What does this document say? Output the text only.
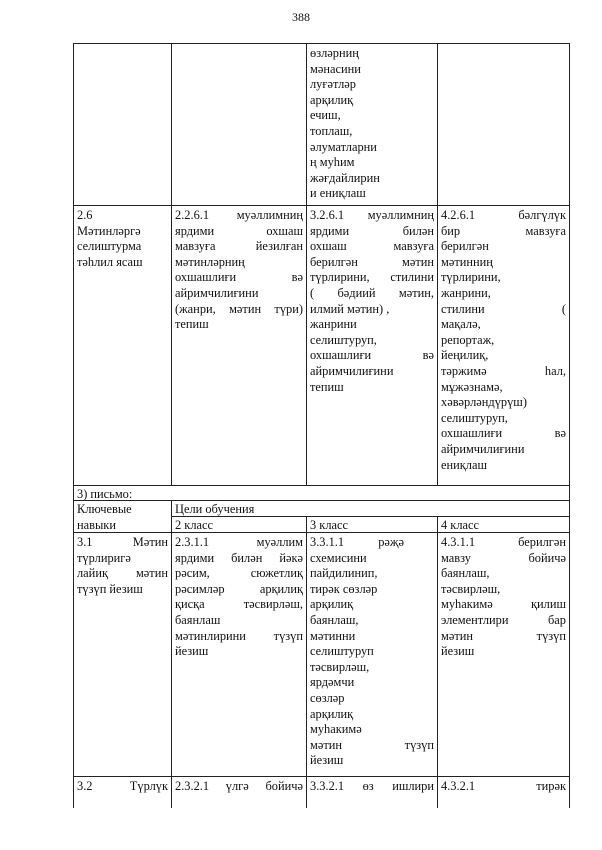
388
өзләрниң
мәнасини
луғәтләр
арқилиқ
ечиш,
топлаш,
әлуматларни
ң муһим
жәғдайлирин
и ениқлаш
2.6
Мәтинләргә
селиштурма
тәһлил ясаш
2.2.6.1 муәллимниң
ярдими охшаш
мавзуға йезилған
мәтинләрниң
охшашлиғи вә
айримчилиғини
(жанри, мәтин түри)
тепиш
3.2.6.1 муәллимниң
ярдими билән
охшаш мавзуға
берилгән мәтин
түрлирини, стилини
( бәдиий мәтин,
илмий мәтин) ,
жанрини
селиштуруп,
охшашлиғи вә
айримчилиғини
тепиш
4.2.6.1 бәлгүлүк
бир мавзуға
берилгән
мәтинниң
түрлирини,
жанрини,
стилини (
мақалә,
репортаж,
йеңилиқ,
тәржимә һал,
мұжәзнамә,
хәвәрләндүрүш)
селиштуруп,
охшашлиғи вә
айримчилиғини
ениқлаш
3) письмо:
Ключевые
навыки
Цели обучения
2 класс	3 класс	4 класс
3.1 Мәтин
түрлиригә
лайиқ мәтин
түзүп йезиш
2.3.1.1 муәллим
ярдими билән йәкә
рәсим, сюжетлиқ
рәсимләр арқилиқ
қисқа тәсвирләш,
баянлаш
мәтинлирини түзүп
йезиш
3.3.1.1 рәҗә
схемисини
пайдилинип,
тирәк сөзләр
арқилиқ
баянлаш,
мәтинни
селиштуруп
тәсвирләш,
ярдәмчи
сөзләр
арқилиқ
муһакимә
мәтин түзүп
йезиш
4.3.1.1 берилгән
мавзу бойичә
баянлаш,
тәсвирләш,
муһакимә қилиш
элементлири бар
мәтин түзүп
йезиш
3.2 Түрлүк 2.3.2.1 үлгә бойичә 3.3.2.1 өз ишлири 4.3.2.1 тирәк
